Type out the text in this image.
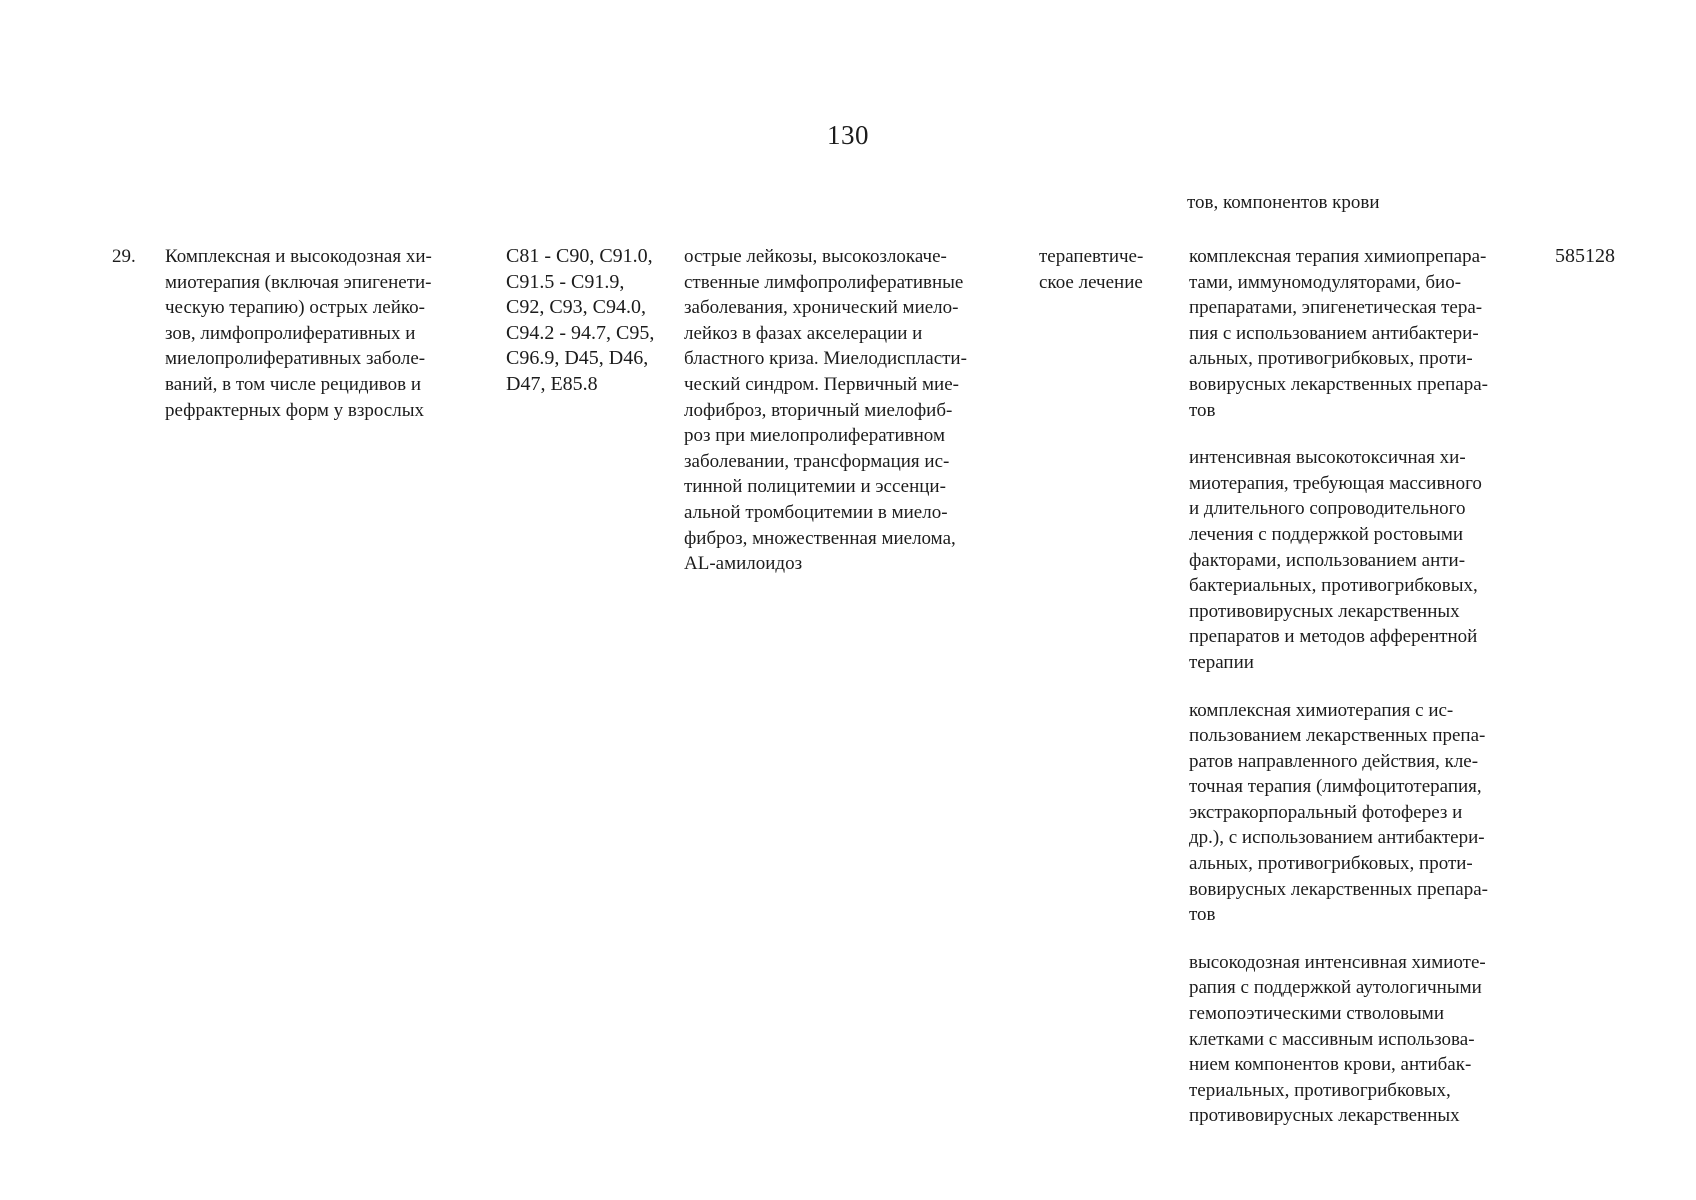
130
тов, компонентов крови
29. Комплексная и высокодозная хи-
миотерапия (включая эпигенети-
ческую терапию) острых лейко-
зов, лимфопролиферативных и
миелопролиферативных заболе-
ваний, в том числе рецидивов и
рефрактерных форм у взрослых
C81 - C90, C91.0,
C91.5 - C91.9,
C92, C93, C94.0,
C94.2 - 94.7, C95,
C96.9, D45, D46,
D47, E85.8
острые лейкозы, высокозлокаче-
ственные лимфопролиферативные
заболевания, хронический миело-
лейкоз в фазах акселерации и
бластного криза. Миелодиспласти-
ческий синдром. Первичный мие-
лофиброз, вторичный миелофиб-
роз при миелопролиферативном
заболевании, трансформация ис-
тинной полицитемии и эссенци-
альной тромбоцитемии в миело-
фиброз, множественная миелома,
AL-амилоидоз
терапевтиче-
ское лечение
комплексная терапия химиопрепара-
тами, иммуномодуляторами, био-
препаратами, эпигенетическая тера-
пия с использованием антибактери-
альных, противогрибковых, проти-
вовирусных лекарственных препара-
тов
интенсивная высокотоксичная хи-
миотерапия, требующая массивного
и длительного сопроводительного
лечения с поддержкой ростовыми
факторами, использованием анти-
бактериальных, противогрибковых,
противовирусных лекарственных
препаратов и методов афферентной
терапии
комплексная химиотерапия с ис-
пользованием лекарственных препа-
ратов направленного действия, кле-
точная терапия (лимфоцитотерапия,
экстракорпоральный фотоферез и
др.), с использованием антибактери-
альных, противогрибковых, проти-
вовирусных лекарственных препара-
тов
высокодозная интенсивная химиоте-
рапия с поддержкой аутологичными
гемопоэтическими стволовыми
клетками с массивным использова-
нием компонентов крови, антибак-
териальных, противогрибковых,
противовирусных лекарственных
585128
